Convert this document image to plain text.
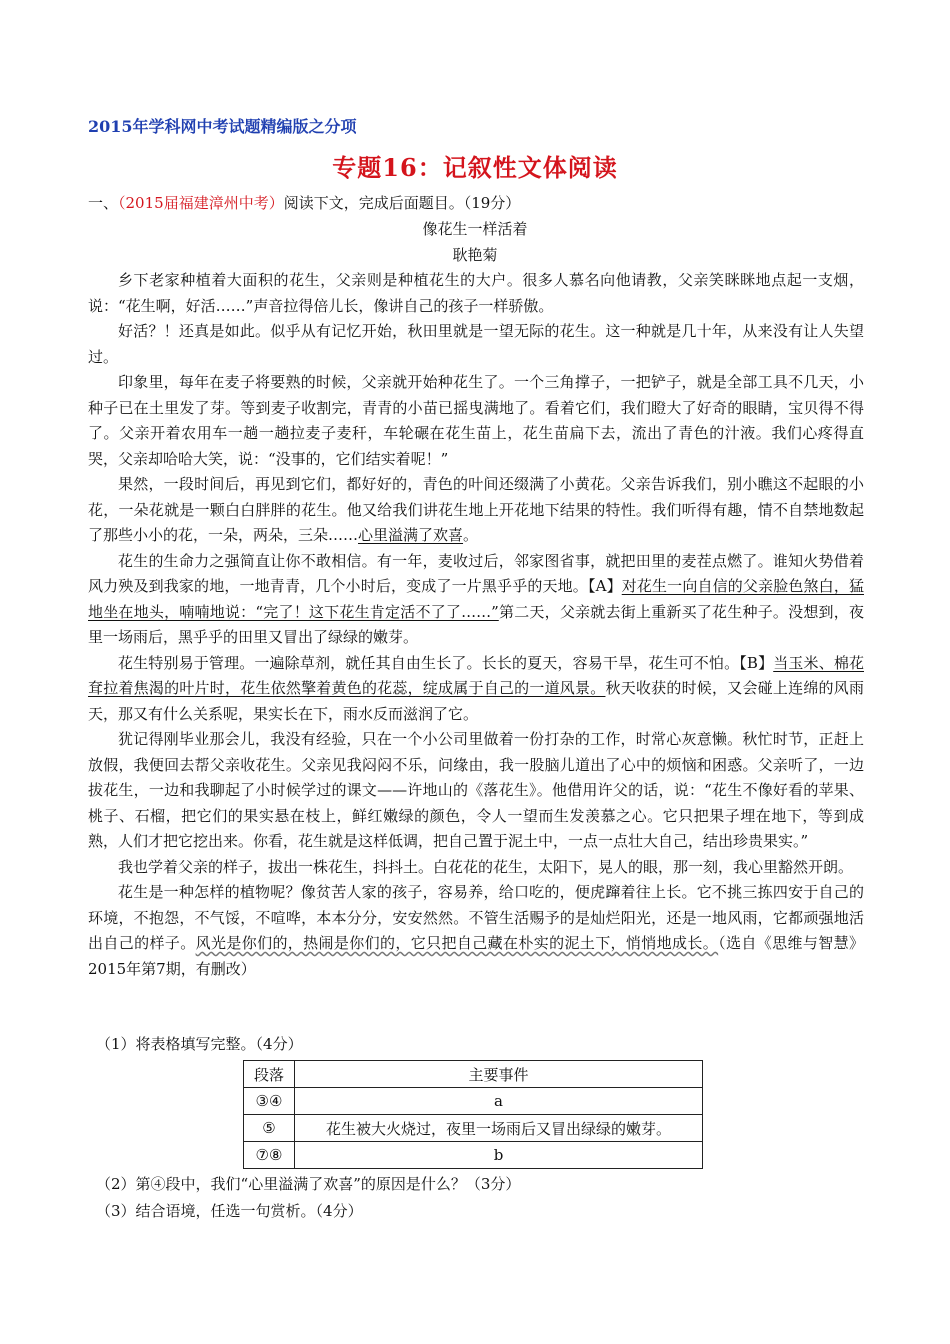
2015年学科网中考试题精编版之分项
专题16：记叙性文体阅读
一、（2015届福建漳州中考）阅读下文，完成后面题目。（19分）
像花生一样活着
耿艳菊

乡下老家种植着大面积的花生，父亲则是种植花生的大户。很多人慕名向他请教，父亲笑眯眯地点起一支烟，说：“花生啊，好活……”声音拉得倍儿长，像讲自己的孩子一样骄傲。

好活？！还真是如此。似乎从有记忆开始，秋田里就是一望无际的花生。这一种就是几十年，从来没有让人失望过。

印象里，每年在麦子将要熟的时候，父亲就开始种花生了。一个三角撑子，一把铲子，就是全部工具不几天，小种子已在土里发了芽。等到麦子收割完，青青的小苗已摇曳满地了。看着它们，我们瞪大了好奇的眼睛，宝贝得不得了。父亲开着农用车一趟一趟拉麦子麦秆，车轮碾在花生苗上，花生苗扁下去，流出了青色的汁液。我们心疼得直哭，父亲却哈哈大笑，说：“没事的，它们结实着呢！”

果然，一段时间后，再见到它们，都好好的，青色的叶间还缀满了小黄花。父亲告诉我们，别小瞧这不起眼的小花，一朵花就是一颗白白胖胖的花生。他又给我们讲花生地上开花地下结果的特性。我们听得有趣，情不自禁地数起了那些小小的花，一朵，两朵，三朵……心里溢满了欢喜。

花生的生命力之强简直让你不敢相信。有一年，麦收过后，邻家图省事，就把田里的麦茬点燃了。谁知火势借着风力殃及到我家的地，一地青青，几个小时后，变成了一片黑乎乎的天地。【A】对花生一向自信的父亲脸色煞白，猛地坐在地头，喃喃地说：“完了！这下花生肯定活不了了……”第二天，父亲就去街上重新买了花生种子。没想到，夜里一场雨后，黑乎乎的田里又冒出了绿绿的嫩芽。

花生特别易于管理。一遍除草剂，就任其自由生长了。长长的夏天，容易干旱，花生可不怕。【B】当玉米、棉花耷拉着焦渴的叶片时，花生依然擎着黄色的花蕊，绽成属于自己的一道风景。秋天收获的时候，又会碰上连绵的风雨天，那又有什么关系呢，果实长在下，雨水反而滋润了它。

犹记得刚毕业那会儿，我没有经验，只在一个小公司里做着一份打杂的工作，时常心灰意懒。秋忙时节，正赶上放假，我便回去帮父亲收花生。父亲见我闷闷不乐，问缘由，我一股脑儿道出了心中的烦恼和困惑。父亲听了，一边拔花生，一边和我聊起了小时候学过的课文——许地山的《落花生》。他借用许父的话，说：“花生不像好看的苹果、桃子、石榴，把它们的果实悬在枝上，鲜红嫩绿的颜色，令人一望而生发羡慕之心。它只把果子埋在地下，等到成熟，人们才把它挖出来。你看，花生就是这样低调，把自己置于泥土中，一点一点壮大自己，结出珍贵果实。”

我也学着父亲的样子，拔出一株花生，抖抖土。白花花的花生，太阳下，晃人的眼，那一刻，我心里豁然开朗。

花生是一种怎样的植物呢？像贫苦人家的孩子，容易养，给口吃的，便虎蹿着往上长。它不挑三拣四安于自己的环境，不抱怨，不气馁，不喧哗，本本分分，安安然然。不管生活赐予的是灿烂阳光，还是一地风雨，它都顽强地活出自己的样子。风光是你们的，热闹是你们的，它只把自己藏在朴实的泥土下，悄悄地成长。（选自《思维与智慧》2015年第7期，有删改）

（1）将表格填写完整。（4分）
段落	主要事件
③④	a
⑤	花生被大火烧过，夜里一场雨后又冒出绿绿的嫩芽。
⑦⑧	b
（2）第④段中，我们“心里溢满了欢喜”的原因是什么？（3分）
（3）结合语境，任选一句赏析。（4分）
